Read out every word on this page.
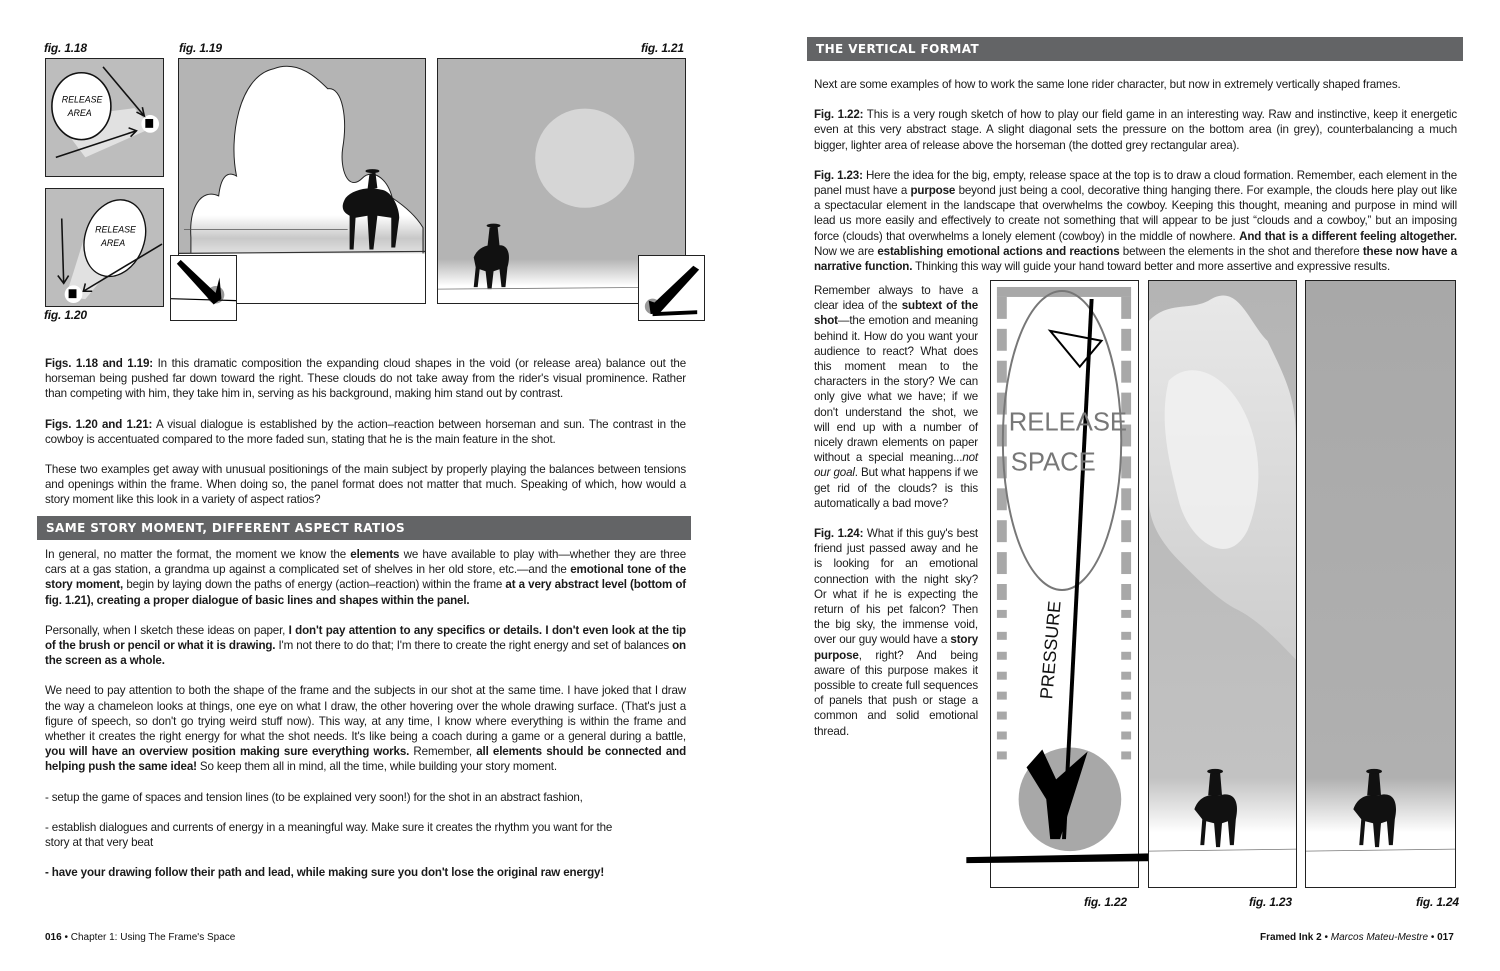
fig. 1.18	fig. 1.19	fig. 1.21
fig. 1.20
RELEASE
AREA
RELEASE
AREA

Figs. 1.18 and 1.19: In this dramatic composition the expanding cloud shapes in the void (or release area) balance out the horseman being pushed far down toward the right. These clouds do not take away from the rider's visual prominence. Rather than competing with him, they take him in, serving as his background, making him stand out by contrast.

Figs. 1.20 and 1.21: A visual dialogue is established by the action–reaction between horseman and sun. The contrast in the cowboy is accentuated compared to the more faded sun, stating that he is the main feature in the shot.

These two examples get away with unusual positionings of the main subject by properly playing the balances between tensions and openings within the frame. When doing so, the panel format does not matter that much. Speaking of which, how would a story moment like this look in a variety of aspect ratios?

SAME STORY MOMENT, DIFFERENT ASPECT RATIOS

In general, no matter the format, the moment we know the elements we have available to play with—whether they are three cars at a gas station, a grandma up against a complicated set of shelves in her old store, etc.—and the emotional tone of the story moment, begin by laying down the paths of energy (action–reaction) within the frame at a very abstract level (bottom of fig. 1.21), creating a proper dialogue of basic lines and shapes within the panel.

Personally, when I sketch these ideas on paper, I don't pay attention to any specifics or details. I don't even look at the tip of the brush or pencil or what it is drawing. I'm not there to do that; I'm there to create the right energy and set of balances on the screen as a whole.

We need to pay attention to both the shape of the frame and the subjects in our shot at the same time. I have joked that I draw the way a chameleon looks at things, one eye on what I draw, the other hovering over the whole drawing surface. (That's just a figure of speech, so don't go trying weird stuff now). This way, at any time, I know where everything is within the frame and whether it creates the right energy for what the shot needs. It's like being a coach during a game or a general during a battle, you will have an overview position making sure everything works. Remember, all elements should be connected and helping push the same idea! So keep them all in mind, all the time, while building your story moment.

- setup the game of spaces and tension lines (to be explained very soon!) for the shot in an abstract fashion,

- establish dialogues and currents of energy in a meaningful way. Make sure it creates the rhythm you want for the story at that very beat

- have your drawing follow their path and lead, while making sure you don't lose the original raw energy!

016 • Chapter 1: Using The Frame's Space
THE VERTICAL FORMAT

Next are some examples of how to work the same lone rider character, but now in extremely vertically shaped frames.

Fig. 1.22: This is a very rough sketch of how to play our field game in an interesting way. Raw and instinctive, keep it energetic even at this very abstract stage. A slight diagonal sets the pressure on the bottom area (in grey), counterbalancing a much bigger, lighter area of release above the horseman (the dotted grey rectangular area).

Fig. 1.23: Here the idea for the big, empty, release space at the top is to draw a cloud formation. Remember, each element in the panel must have a purpose beyond just being a cool, decorative thing hanging there. For example, the clouds here play out like a spectacular element in the landscape that overwhelms the cowboy. Keeping this thought, meaning and purpose in mind will lead us more easily and effectively to create not something that will appear to be just “clouds and a cowboy,” but an imposing force (clouds) that overwhelms a lonely element (cowboy) in the middle of nowhere. And that is a different feeling altogether. Now we are establishing emotional actions and reactions between the elements in the shot and therefore these now have a narrative function. Thinking this way will guide your hand toward better and more assertive and expressive results.

Remember always to have a clear idea of the subtext of the shot—the emotion and meaning behind it. How do you want your audience to react? What does this moment mean to the characters in the story? We can only give what we have; if we don't understand the shot, we will end up with a number of nicely drawn elements on paper without a special meaning...not our goal. But what happens if we get rid of the clouds? is this automatically a bad move?

Fig. 1.24: What if this guy's best friend just passed away and he is looking for an emotional connection with the night sky? Or what if he is expecting the return of his pet falcon? Then the big sky, the immense void, over our guy would have a story purpose, right? And being aware of this purpose makes it possible to create full sequences of panels that push or stage a common and solid emotional thread.

RELEASE
SPACE
PRESSURE
fig. 1.22	fig. 1.23	fig. 1.24
Framed Ink 2 • Marcos Mateu-Mestre • 017
